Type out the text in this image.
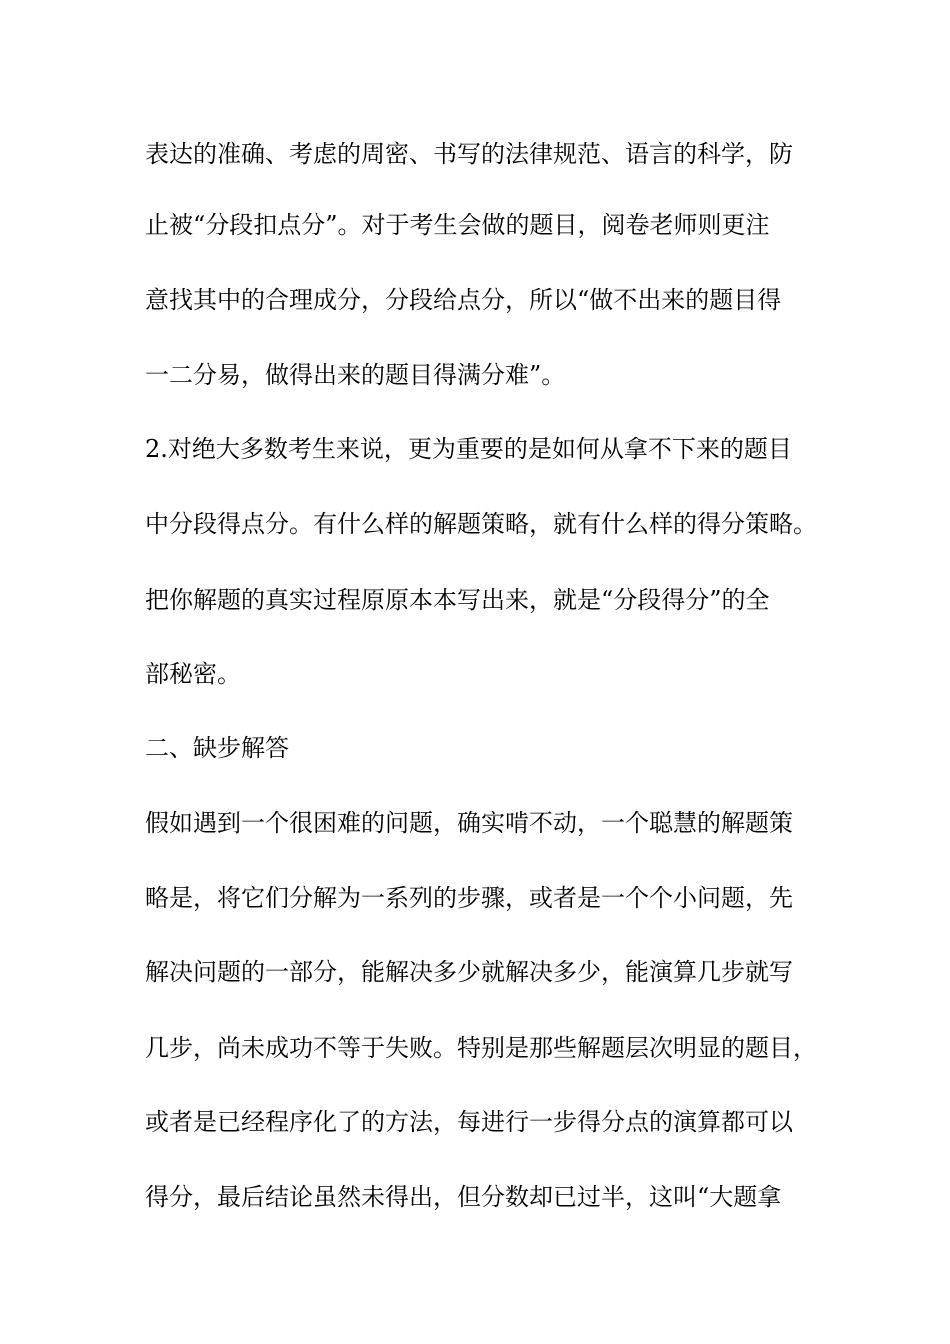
表达的准确、考虑的周密、书写的法律规范、语言的科学，防

止被“分段扣点分”。对于考生会做的题目，阅卷老师则更注

意找其中的合理成分，分段给点分，所以“做不出来的题目得

一二分易，做得出来的题目得满分难”。

2.对绝大多数考生来说，更为重要的是如何从拿不下来的题目

中分段得点分。有什么样的解题策略，就有什么样的得分策略。

把你解题的真实过程原原本本写出来，就是“分段得分”的全

部秘密。

二、缺步解答

假如遇到一个很困难的问题，确实啃不动，一个聪慧的解题策

略是，将它们分解为一系列的步骤，或者是一个个小问题，先

解决问题的一部分，能解决多少就解决多少，能演算几步就写

几步，尚未成功不等于失败。特别是那些解题层次明显的题目，

或者是已经程序化了的方法，每进行一步得分点的演算都可以

得分，最后结论虽然未得出，但分数却已过半，这叫“大题拿
